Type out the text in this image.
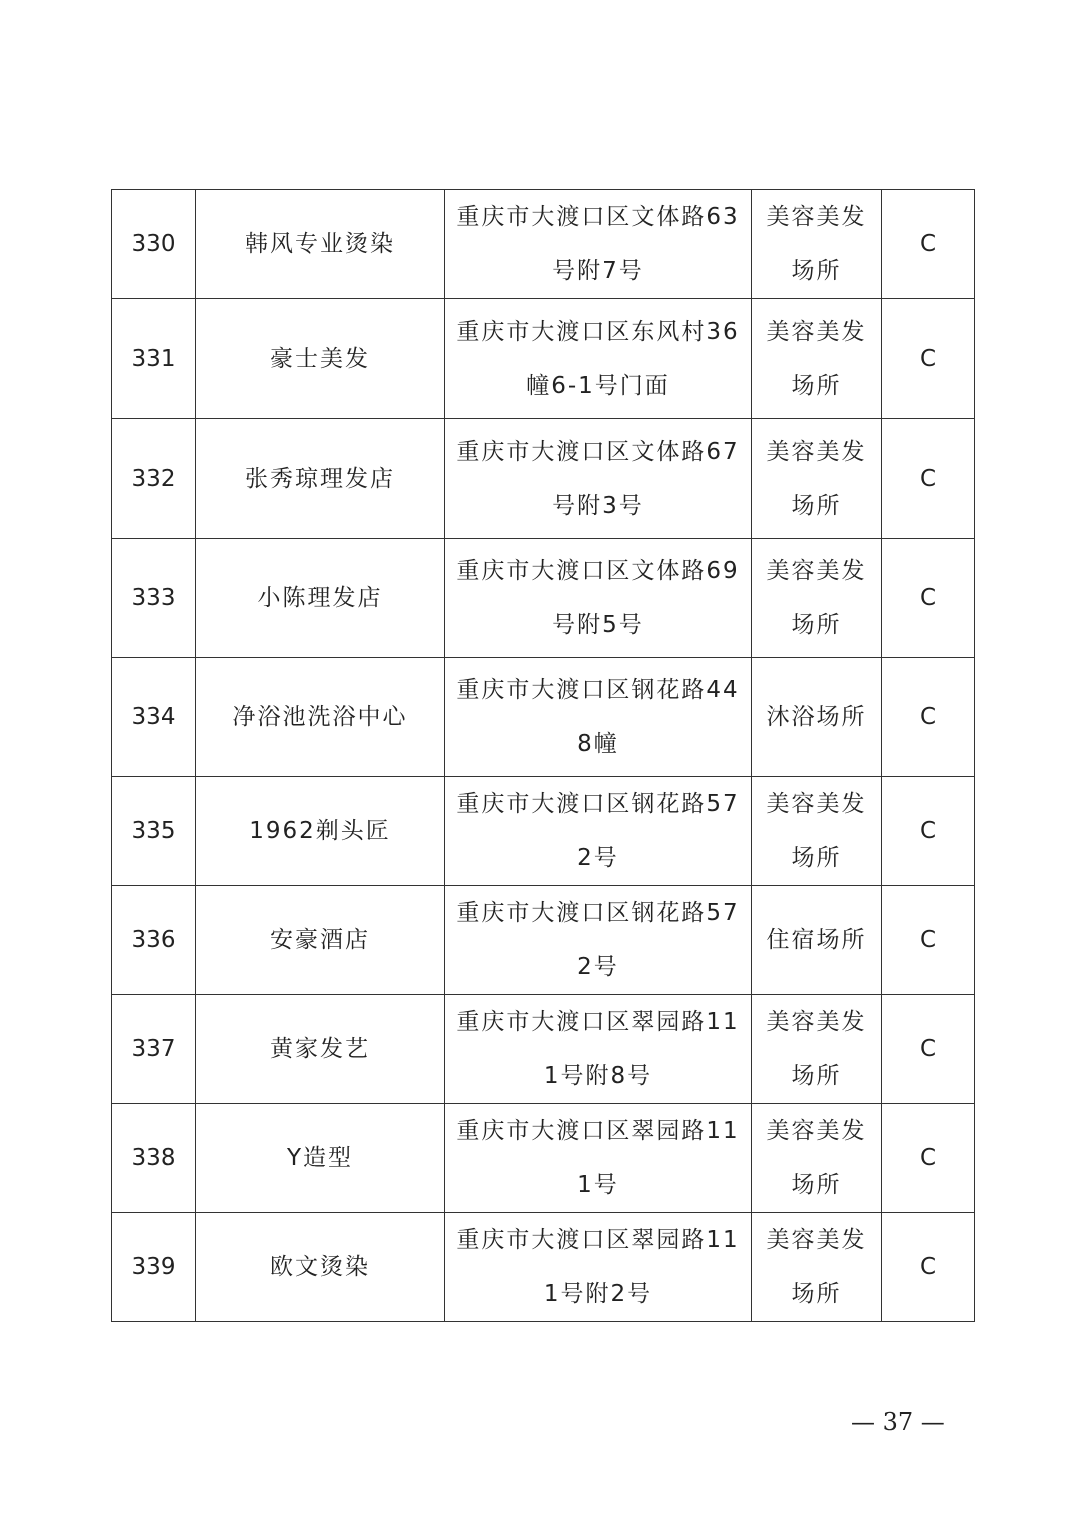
330	韩风专业烫染	重庆市大渡口区文体路63号附7号	美容美发场所	C
331	豪士美发	重庆市大渡口区东风村36幢6-1号门面	美容美发场所	C
332	张秀琼理发店	重庆市大渡口区文体路67号附3号	美容美发场所	C
333	小陈理发店	重庆市大渡口区文体路69号附5号	美容美发场所	C
334	净浴池洗浴中心	重庆市大渡口区钢花路448幢	沐浴场所	C
335	1962剃头匠	重庆市大渡口区钢花路572号	美容美发场所	C
336	安豪酒店	重庆市大渡口区钢花路572号	住宿场所	C
337	黄家发艺	重庆市大渡口区翠园路111号附8号	美容美发场所	C
338	Y造型	重庆市大渡口区翠园路111号	美容美发场所	C
339	欧文烫染	重庆市大渡口区翠园路111号附2号	美容美发场所	C
— 37 —
